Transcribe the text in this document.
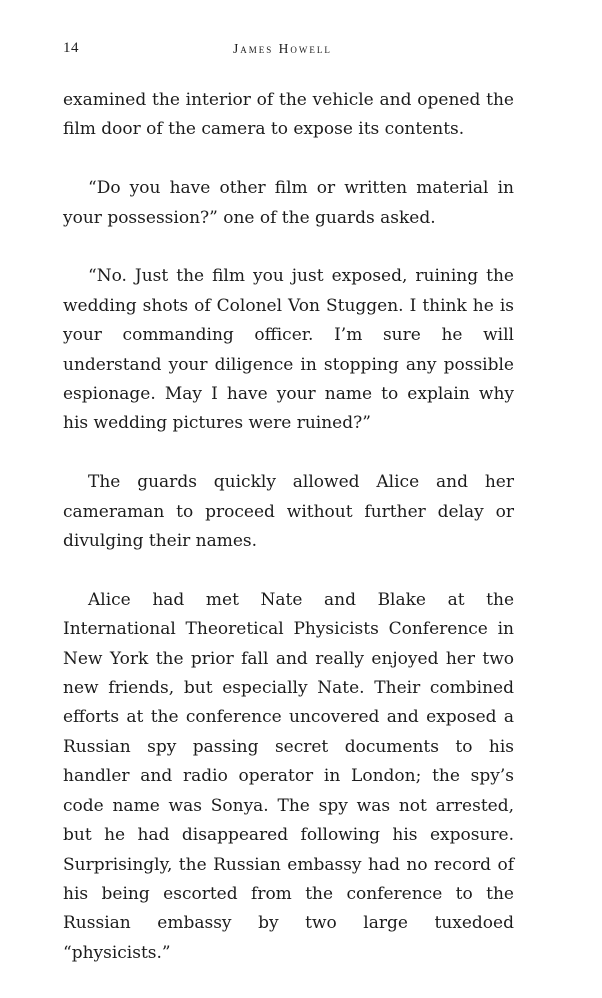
14	James Howell

examined the interior of the vehicle and opened the film door of the camera to expose its contents.

“Do you have other film or written material in your possession?” one of the guards asked.

“No. Just the film you just exposed, ruining the wedding shots of Colonel Von Stuggen. I think he is your commanding officer. I’m sure he will understand your diligence in stopping any possible espionage. May I have your name to explain why his wedding pictures were ruined?”

The guards quickly allowed Alice and her cameraman to proceed without further delay or divulging their names.

Alice had met Nate and Blake at the International Theoretical Physicists Conference in New York the prior fall and really enjoyed her two new friends, but especially Nate. Their combined efforts at the conference uncovered and exposed a Russian spy passing secret documents to his handler and radio operator in London; the spy’s code name was Sonya. The spy was not arrested, but he had disappeared following his exposure. Surprisingly, the Russian embassy had no record of his being escorted from the conference to the Russian embassy by two large tuxedoed “physicists.”
